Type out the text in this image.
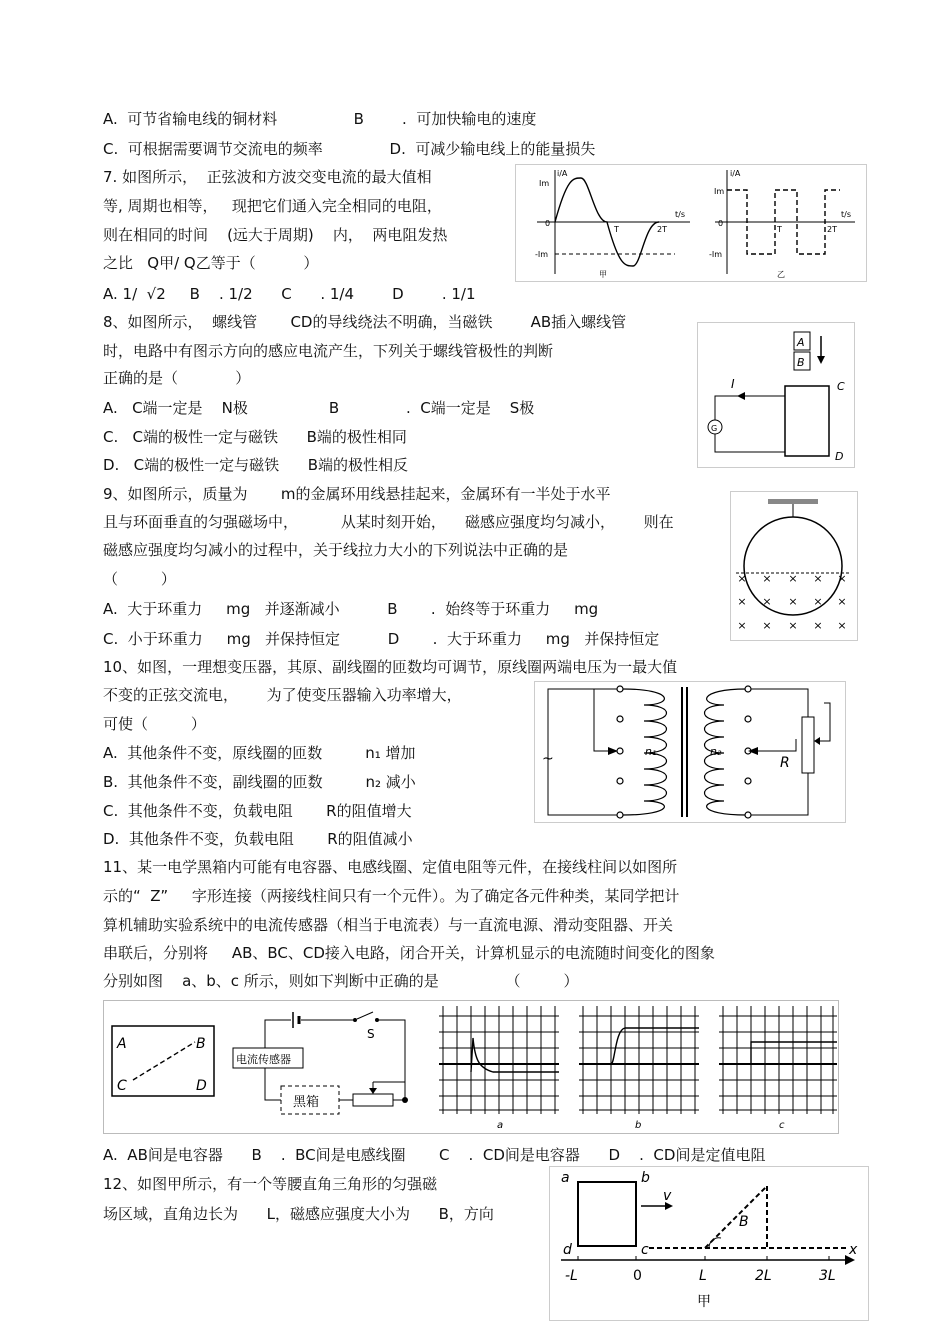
A.  可节省输电线的铜材料                B        .  可加快输电的速度
C.  可根据需要调节交流电的频率              D.  可减少输电线上的能量损失
7. 如图所示，  正弦波和方波交变电流的最大值相
等, 周期也相等，   现把它们通入完全相同的电阻，
则在相同的时间    (远大于周期)    内，  两电阻发热
之比   Q甲/ Q乙等于（          ）
A. 1/  √2     B    . 1/2      C      . 1/4        D        . 1/1
8、如图所示，  螺线管       CD的导线绕法不明确，当磁铁        AB插入螺线管
时，电路中有图示方向的感应电流产生，下列关于螺线管极性的判断
正确的是（            ）
A.   C端一定是    N极                 B              .  C端一定是    S极
C.   C端的极性一定与磁铁      B端的极性相同
D.   C端的极性一定与磁铁      B端的极性相反
9、如图所示，质量为       m的金属环用线悬挂起来，金属环有一半处于水平
且与环面垂直的匀强磁场中，         从某时刻开始，    磁感应强度均匀减小，      则在
磁感应强度均匀减小的过程中，关于线拉力大小的下列说法中正确的是
（         ）
A.  大于环重力     mg   并逐渐减小          B       .  始终等于环重力     mg
C.  小于环重力     mg   并保持恒定          D       .  大于环重力     mg   并保持恒定
10、如图，一理想变压器，其原、副线圈的匝数均可调节，原线圈两端电压为一最大值
不变的正弦交流电，      为了使变压器输入功率增大，
可使（         ）
A.  其他条件不变，原线圈的匝数         n₁ 增加
B.  其他条件不变，副线圈的匝数         n₂ 减小
C.  其他条件不变，负载电阻       R的阻值增大
D.  其他条件不变，负载电阻       R的阻值减小
11、某一电学黑箱内可能有电容器、电感线圈、定值电阻等元件，在接线柱间以如图所
示的“  Z”     字形连接（两接线柱间只有一个元件）。为了确定各元件种类，某同学把计
算机辅助实验系统中的电流传感器（相当于电流表）与一直流电源、滑动变阻器、开关
串联后，分别将     AB、BC、CD接入电路，闭合开关，计算机显示的电流随时间变化的图象
分别如图    a、b、c 所示，则如下判断中正确的是              （         ）
A.  AB间是电容器      B    .  BC间是电感线圈       C    .  CD间是电容器      D    .  CD间是定值电阻
12、如图甲所示，有一个等腰直角三角形的匀强磁
场区域，直角边长为      L，磁感应强度大小为      B，方向
i/A
t/s
Im
-Im
0
T	2T
甲
i/A
t/s
Im
-Im
0
T	2T
乙
A
B
G
I	C
D
× × × × ×
× × × × ×
× × × × ×
~	n₁	n₂
R
A	B
C	D
S
电流传感器
黑箱
a	b	c
a	b
d	c
v
B
x
-L	0	L	2L	3L
甲
